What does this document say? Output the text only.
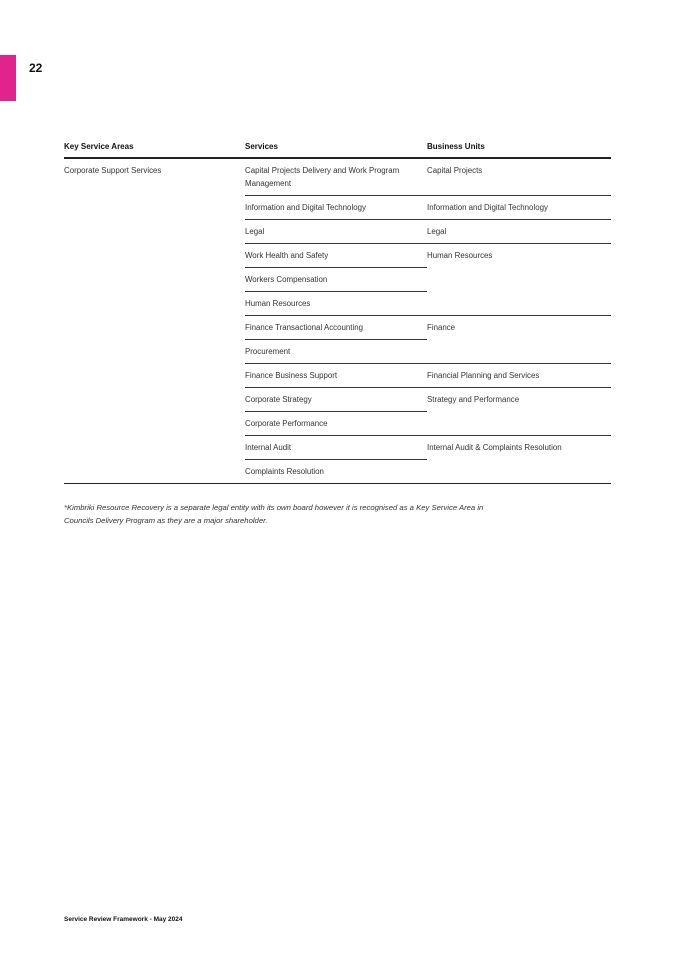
22
Key Service Areas	Services	Business Units
Corporate Support Services	Capital Projects Delivery and Work Program Management	Capital Projects
	Information and Digital Technology	Information and Digital Technology
	Legal	Legal
	Work Health and Safety	Human Resources
	Workers Compensation	
	Human Resources	
	Finance Transactional Accounting	Finance
	Procurement	
	Finance Business Support	Financial Planning and Services
	Corporate Strategy	Strategy and Performance
	Corporate Performance	
	Internal Audit	Internal Audit & Complaints Resolution
	Complaints Resolution	
*Kimbriki Resource Recovery is a separate legal entity with its own board however it is recognised as a Key Service Area in Councils Delivery Program as they are a major shareholder.
Service Review Framework - May 2024
